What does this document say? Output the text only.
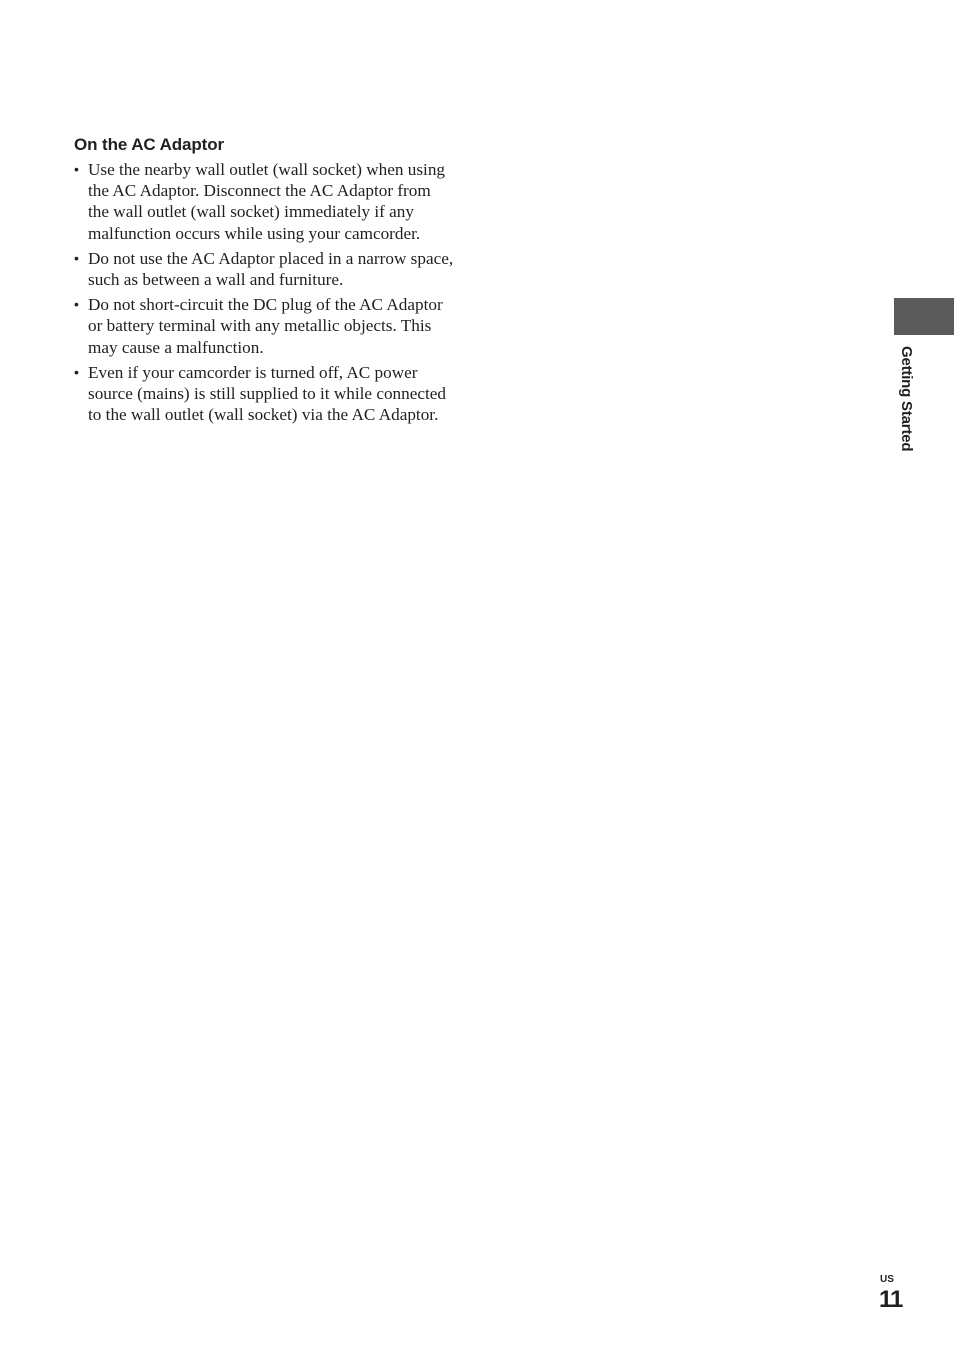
On the AC Adaptor
• Use the nearby wall outlet (wall socket) when using the AC Adaptor. Disconnect the AC Adaptor from the wall outlet (wall socket) immediately if any malfunction occurs while using your camcorder.
• Do not use the AC Adaptor placed in a narrow space, such as between a wall and furniture.
• Do not short-circuit the DC plug of the AC Adaptor or battery terminal with any metallic objects. This may cause a malfunction.
• Even if your camcorder is turned off, AC power source (mains) is still supplied to it while connected to the wall outlet (wall socket) via the AC Adaptor.	Getting Started
US
11
